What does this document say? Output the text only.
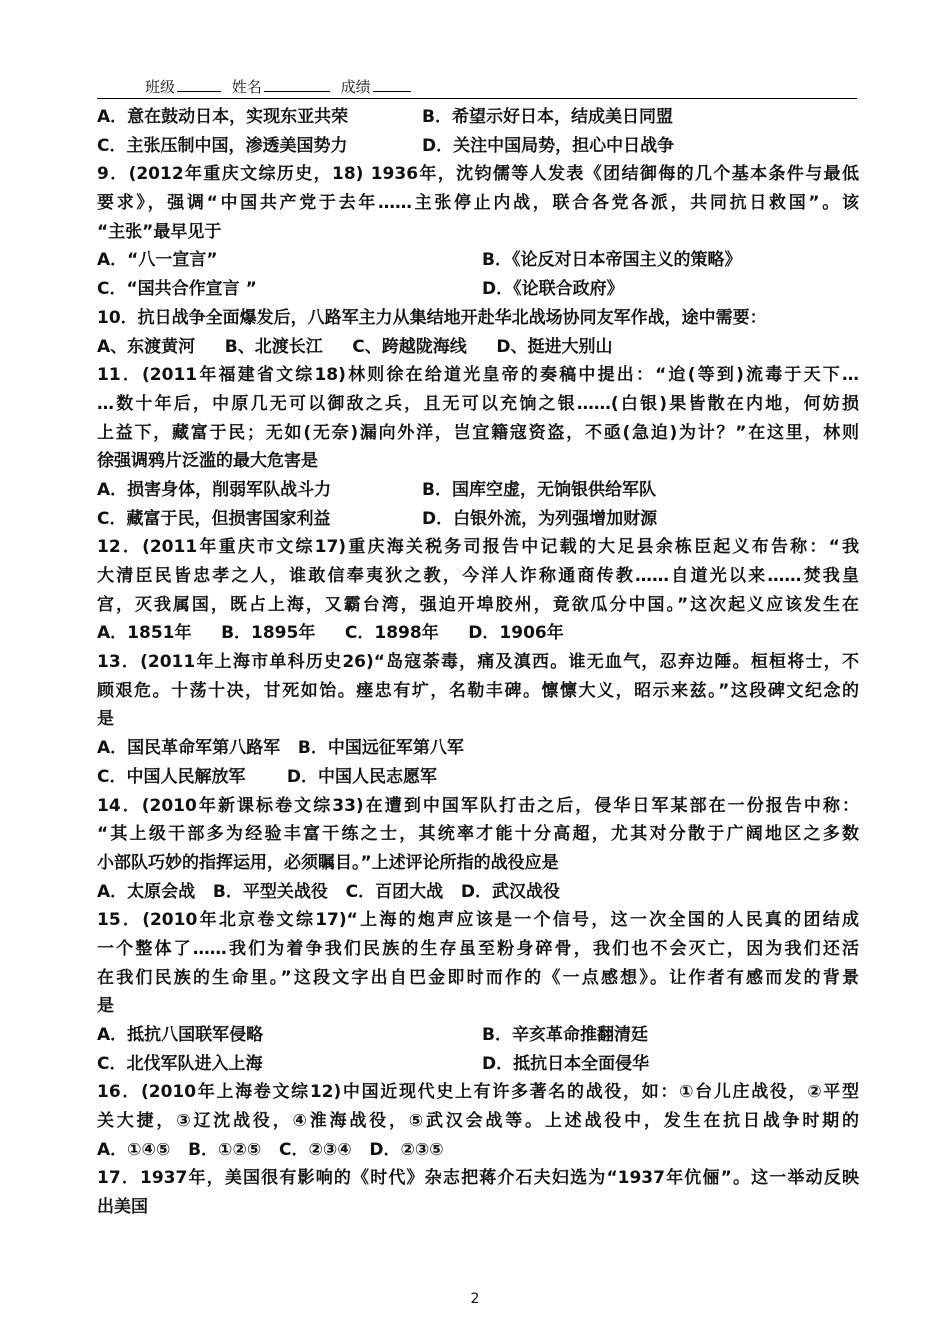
班级	姓名	成绩
A．意在鼓动日本，实现东亚共荣	B．希望示好日本，结成美日同盟
C．主张压制中国，渗透美国势力	D．关注中国局势，担心中日战争
9．(2012年重庆文综历史，18) 1936年，沈钧儒等人发表《团结御侮的几个基本条件与最低
要求》，强调“中国共产党于去年……主张停止内战，联合各党各派，共同抗日救国”。该
“主张”最早见于
A．“八一宣言”	B．《论反对日本帝国主义的策略》
C．“国共合作宣言 ”	D．《论联合政府》
10．抗日战争全面爆发后，八路军主力从集结地开赴华北战场协同友军作战，途中需要：
A、东渡黄河     B、北渡长江     C、跨越陇海线     D、挺进大别山
11．(2011年福建省文综18)林则徐在给道光皇帝的奏稿中提出：“迨(等到)流毒于天下…
…数十年后，中原几无可以御敌之兵，且无可以充饷之银……(白银)果皆散在内地，何妨损
上益下，藏富于民；无如(无奈)漏向外洋，岂宜籍寇资盗，不亟(急迫)为计？”在这里，林则
徐强调鸦片泛滥的最大危害是
A．损害身体，削弱军队战斗力	B．国库空虚，无饷银供给军队
C．藏富于民，但损害国家利益	D．白银外流，为列强增加财源
12．(2011年重庆市文综17)重庆海关税务司报告中记载的大足县余栋臣起义布告称：“我
大清臣民皆忠孝之人，谁敢信奉夷狄之教，今洋人诈称通商传教……自道光以来……焚我皇
宫，灭我属国，既占上海，又霸台湾，强迫开埠胶州，竟欲瓜分中国。”这次起义应该发生在
A．1851年     B．1895年     C．1898年     D．1906年
13．(2011年上海市单科历史26)“岛寇荼毒，痛及滇西。谁无血气，忍弃边陲。桓桓将士，不
顾艰危。十荡十决，甘死如饴。瘗忠有圹，名勒丰碑。懔懔大义，昭示来兹。”这段碑文纪念的
是
A．国民革命军第八路军   B．中国远征军第八军
C．中国人民解放军       D．中国人民志愿军
14．(2010年新课标卷文综33)在遭到中国军队打击之后，侵华日军某部在一份报告中称：
“其上级干部多为经验丰富干练之士，其统率才能十分高超，尤其对分散于广阔地区之多数
小部队巧妙的指挥运用，必须瞩目。”上述评论所指的战役应是
A．太原会战   B．平型关战役   C．百团大战   D．武汉战役
15．(2010年北京卷文综17)“上海的炮声应该是一个信号，这一次全国的人民真的团结成
一个整体了……我们为着争我们民族的生存虽至粉身碎骨，我们也不会灭亡，因为我们还活
在我们民族的生命里。”这段文字出自巴金即时而作的《一点感想》。让作者有感而发的背景
是
A．抵抗八国联军侵略	B．辛亥革命推翻清廷
C．北伐军队进入上海	D．抵抗日本全面侵华
16．(2010年上海卷文综12)中国近现代史上有许多著名的战役，如：①台儿庄战役，②平型
关大捷，③辽沈战役，④淮海战役，⑤武汉会战等。上述战役中，发生在抗日战争时期的
A．①④⑤   B．①②⑤   C．②③④   D．②③⑤
17．1937年，美国很有影响的《时代》杂志把蒋介石夫妇选为“1937年伉俪”。这一举动反映
出美国
2
